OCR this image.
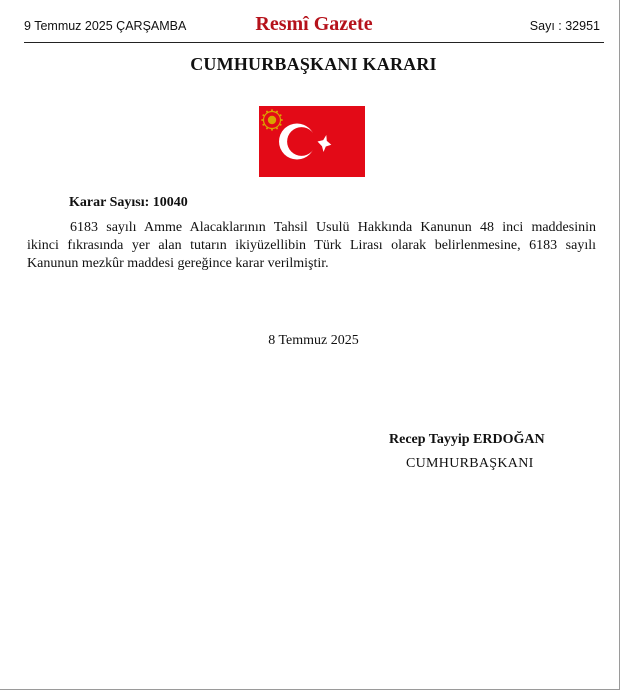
9 Temmuz 2025 ÇARŞAMBA	Resmî Gazete	Sayı : 32951
CUMHURBAŞKANI KARARI
Karar Sayısı: 10040
6183 sayılı Amme Alacaklarının Tahsil Usulü Hakkında Kanunun 48 inci maddesinin
ikinci fıkrasında yer alan tutarın ikiyüzellibin Türk Lirası olarak belirlenmesine, 6183 sayılı
Kanunun mezkûr maddesi gereğince karar verilmiştir.
8 Temmuz 2025
Recep Tayyip ERDOĞAN
CUMHURBAŞKANI
